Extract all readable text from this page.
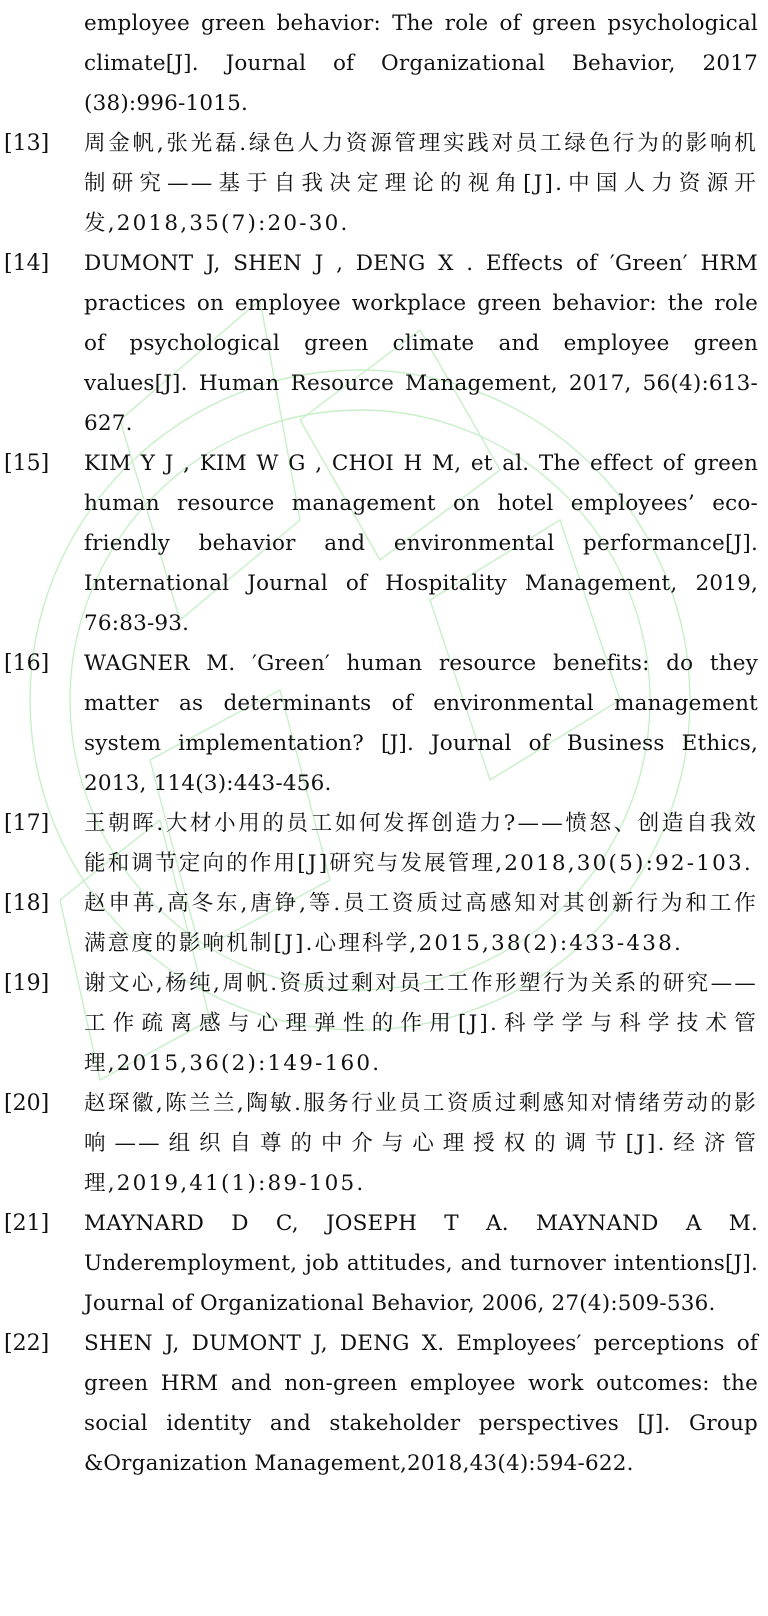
employee green behavior: The role of green psychological climate[J]. Journal of Organizational Behavior, 2017 (38):996-1015.
[13] 周金帆,张光磊.绿色人力资源管理实践对员工绿色行为的影响机制研究——基于自我决定理论的视角[J].中国人力资源开发,2018,35(7):20-30.
[14] DUMONT J, SHEN J , DENG X . Effects of ′Green′ HRM practices on employee workplace green behavior: the role of psychological green climate and employee green values[J]. Human Resource Management, 2017, 56(4):613-627.
[15] KIM Y J , KIM W G , CHOI H M, et al. The effect of green human resource management on hotel employees’ eco-friendly behavior and environmental performance[J]. International Journal of Hospitality Management, 2019, 76:83-93.
[16] WAGNER M. ′Green′ human resource benefits: do they matter as determinants of environmental management system implementation? [J]. Journal of Business Ethics, 2013, 114(3):443-456.
[17] 王朝晖.大材小用的员工如何发挥创造力?——愤怒、创造自我效能和调节定向的作用[J]研究与发展管理,2018,30(5):92-103.
[18] 赵申苒,高冬东,唐铮,等.员工资质过高感知对其创新行为和工作满意度的影响机制[J].心理科学,2015,38(2):433-438.
[19] 谢文心,杨纯,周帆.资质过剩对员工工作形塑行为关系的研究——工作疏离感与心理弹性的作用[J].科学学与科学技术管理,2015,36(2):149-160.
[20] 赵琛徽,陈兰兰,陶敏.服务行业员工资质过剩感知对情绪劳动的影响——组织自尊的中介与心理授权的调节[J].经济管理,2019,41(1):89-105.
[21] MAYNARD D C, JOSEPH T A. MAYNAND A M. Underemployment, job attitudes, and turnover intentions[J]. Journal of Organizational Behavior, 2006, 27(4):509-536.
[22] SHEN J, DUMONT J, DENG X. Employees′ perceptions of green HRM and non-green employee work outcomes: the social identity and stakeholder perspectives [J]. Group &Organization Management,2018,43(4):594-622.
